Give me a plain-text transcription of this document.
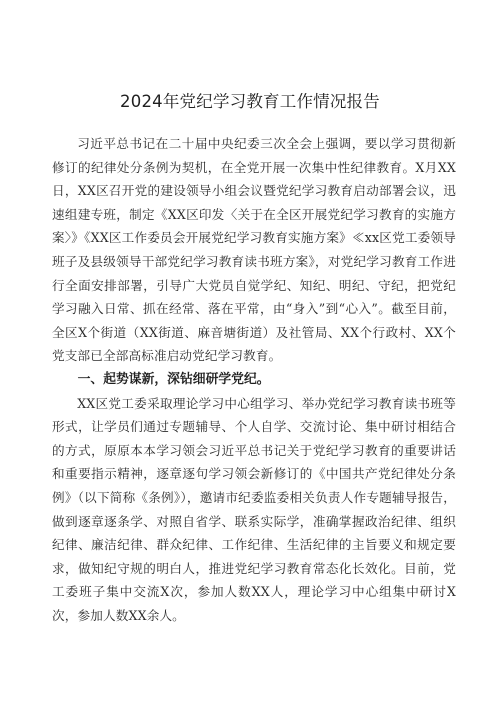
2024年党纪学习教育工作情况报告

习近平总书记在二十届中央纪委三次全会上强调，要以学习贯彻新修订的纪律处分条例为契机，在全党开展一次集中性纪律教育。X月XX日，XX区召开党的建设领导小组会议暨党纪学习教育启动部署会议，迅速组建专班，制定《XX区印发〈关于在全区开展党纪学习教育的实施方案〉》《XX区工作委员会开展党纪学习教育实施方案》≪xx区党工委领导班子及县级领导干部党纪学习教育读书班方案》，对党纪学习教育工作进行全面安排部署，引导广大党员自觉学纪、知纪、明纪、守纪，把党纪学习融入日常、抓在经常、落在平常，由“身入”到“心入”。截至目前，全区X个街道（XX街道、麻音塘街道）及社管局、XX个行政村、XX个党支部已全部高标准启动党纪学习教育。

一、起势谋新，深钻细研学党纪。

XX区党工委采取理论学习中心组学习、举办党纪学习教育读书班等形式，让学员们通过专题辅导、个人自学、交流讨论、集中研讨相结合的方式，原原本本学习领会习近平总书记关于党纪学习教育的重要讲话和重要指示精神，逐章逐句学习领会新修订的《中国共产党纪律处分条例》（以下简称《条例》），邀请市纪委监委相关负责人作专题辅导报告，做到逐章逐条学、对照自省学、联系实际学，准确掌握政治纪律、组织纪律、廉洁纪律、群众纪律、工作纪律、生活纪律的主旨要义和规定要求，做知纪守规的明白人，推进党纪学习教育常态化长效化。目前，党工委班子集中交流X次，参加人数XX人，理论学习中心组集中研讨X次，参加人数XX余人。
